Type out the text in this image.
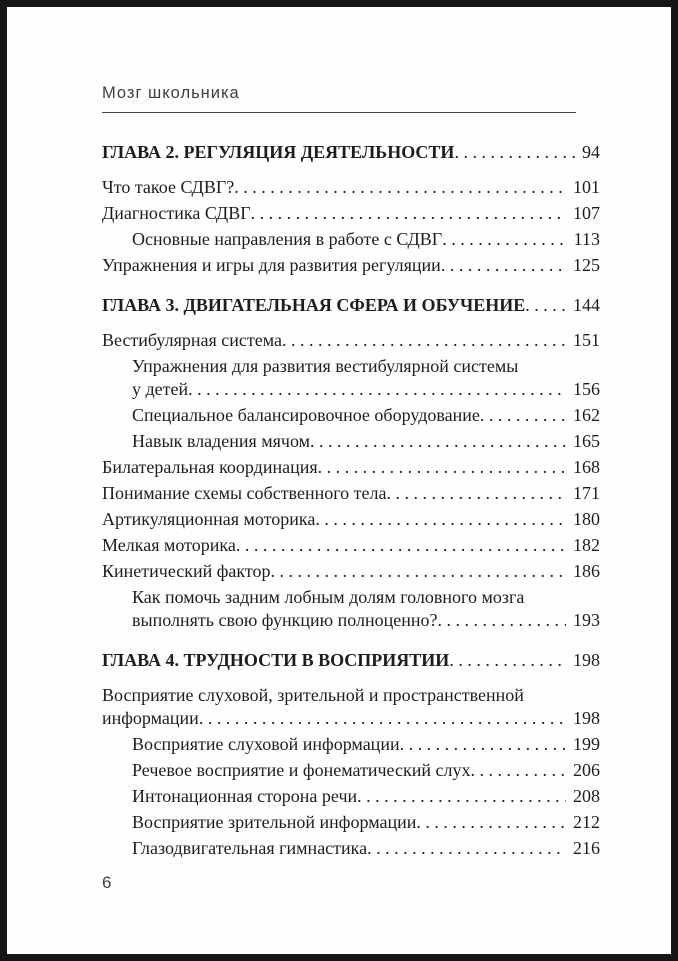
Мозг школьника
ГЛАВА 2. РЕГУЛЯЦИЯ ДЕЯТЕЛЬНОСТИ . . .	94
Что такое СДВГ? . . .	101
Диагностика СДВГ . . .	107
Основные направления в работе с СДВГ . . .	113
Упражнения и игры для развития регуляции . . .	125
ГЛАВА 3. ДВИГАТЕЛЬНАЯ СФЕРА И ОБУЧЕНИЕ . . .	144
Вестибулярная система . . .	151
Упражнения для развития вестибулярной системы
у детей . . .	156
Специальное балансировочное оборудование . . .	162
Навык владения мячом . . .	165
Билатеральная координация . . .	168
Понимание схемы собственного тела . . .	171
Артикуляционная моторика . . .	180
Мелкая моторика . . .	182
Кинетический фактор . . .	186
Как помочь задним лобным долям головного мозга
выполнять свою функцию полноценно? . . .	193
ГЛАВА 4. ТРУДНОСТИ В ВОСПРИЯТИИ . . .	198
Восприятие слуховой, зрительной и пространственной
информации . . .	198
Восприятие слуховой информации . . .	199
Речевое восприятие и фонематический слух . . .	206
Интонационная сторона речи . . .	208
Восприятие зрительной информации . . .	212
Глазодвигательная гимнастика . . .	216
6
